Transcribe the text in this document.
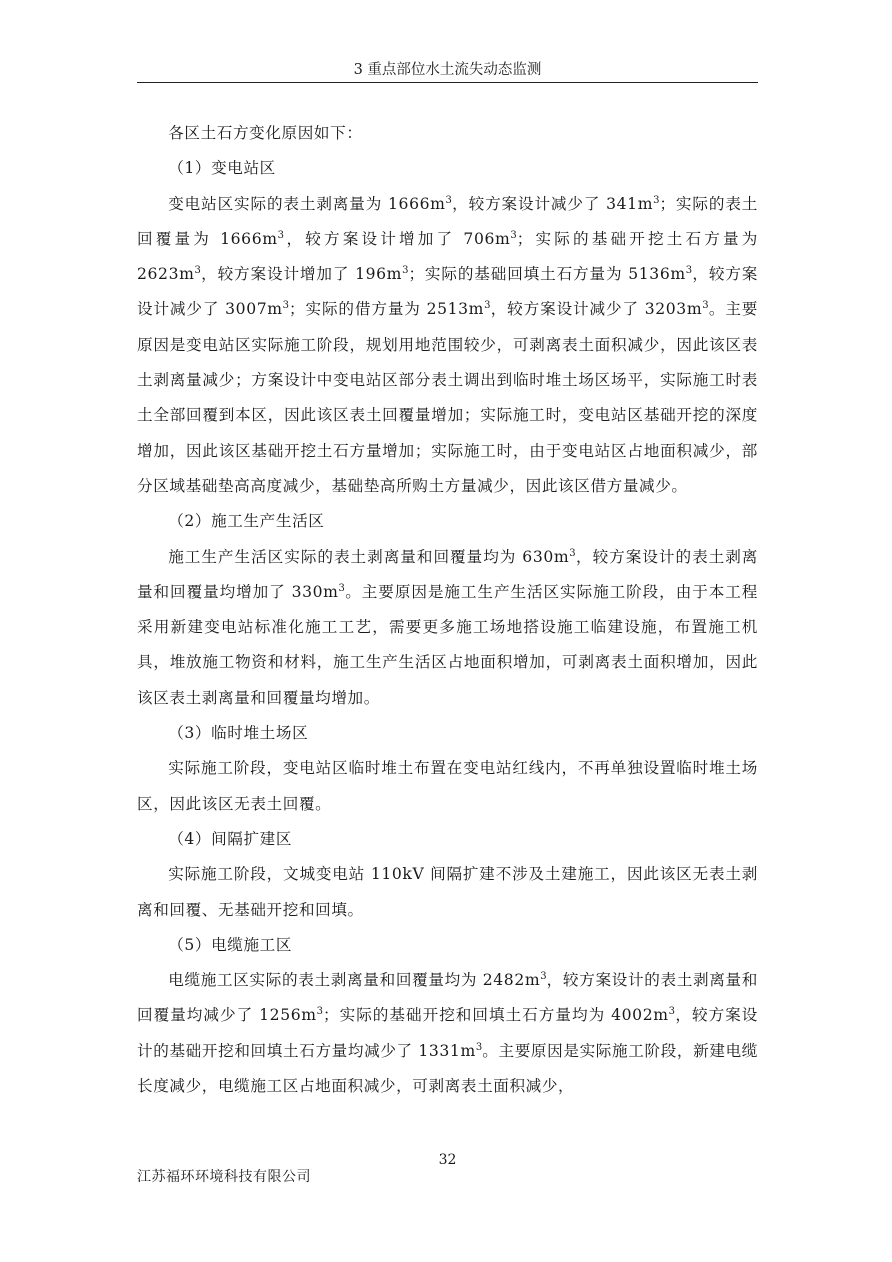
3 重点部位水土流失动态监测

各区土石方变化原因如下：

（1）变电站区

变电站区实际的表土剥离量为 $1666m^3$，较方案设计减少了 $341m^3$；实际的表土回覆量为 $1666m^3$，较方案设计增加了 $706m^3$；实际的基础开挖土石方量为 $2623m^3$，较方案设计增加了 $196m^3$；实际的基础回填土石方量为 $5136m^3$，较方案设计减少了 $3007m^3$；实际的借方量为 $2513m^3$，较方案设计减少了 $3203m^3$。主要原因是变电站区实际施工阶段，规划用地范围较少，可剥离表土面积减少，因此该区表土剥离量减少；方案设计中变电站区部分表土调出到临时堆土场区场平，实际施工时表土全部回覆到本区，因此该区表土回覆量增加；实际施工时，变电站区基础开挖的深度增加，因此该区基础开挖土石方量增加；实际施工时，由于变电站区占地面积减少，部分区域基础垫高高度减少，基础垫高所购土方量减少，因此该区借方量减少。

（2）施工生产生活区

施工生产生活区实际的表土剥离量和回覆量均为 $630m^3$，较方案设计的表土剥离量和回覆量均增加了 $330m^3$。主要原因是施工生产生活区实际施工阶段，由于本工程采用新建变电站标准化施工工艺，需要更多施工场地搭设施工临建设施，布置施工机具，堆放施工物资和材料，施工生产生活区占地面积增加，可剥离表土面积增加，因此该区表土剥离量和回覆量均增加。

（3）临时堆土场区

实际施工阶段，变电站区临时堆土布置在变电站红线内，不再单独设置临时堆土场区，因此该区无表土回覆。

（4）间隔扩建区

实际施工阶段，文城变电站 110kV 间隔扩建不涉及土建施工，因此该区无表土剥离和回覆、无基础开挖和回填。

（5）电缆施工区

电缆施工区实际的表土剥离量和回覆量均为 $2482m^3$，较方案设计的表土剥离量和回覆量均减少了 $1256m^3$；实际的基础开挖和回填土石方量均为 $4002m^3$，较方案设计的基础开挖和回填土石方量均减少了 $1331m^3$。主要原因是实际施工阶段，新建电缆长度减少，电缆施工区占地面积减少，可剥离表土面积减少，

32
江苏福环环境科技有限公司
